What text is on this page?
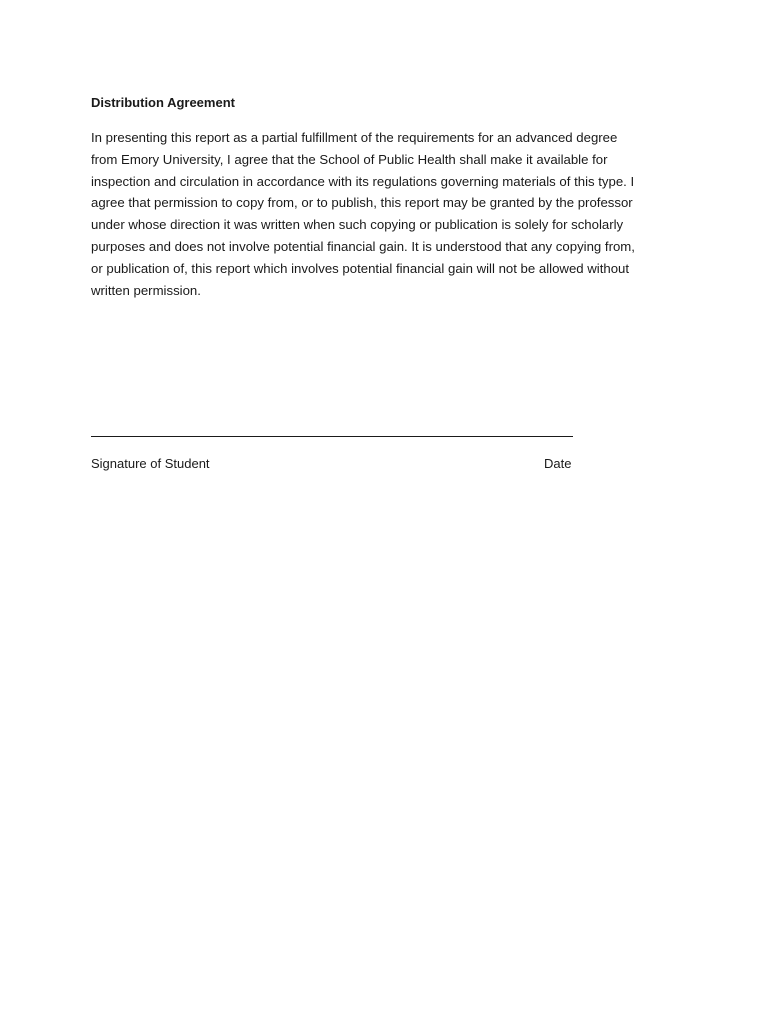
Distribution Agreement
In presenting this report as a partial fulfillment of the requirements for an advanced degree
from Emory University, I agree that the School of Public Health shall make it available for
inspection and circulation in accordance with its regulations governing materials of this type. I
agree that permission to copy from, or to publish, this report may be granted by the professor
under whose direction it was written when such copying or publication is solely for scholarly
purposes and does not involve potential financial gain. It is understood that any copying from,
or publication of, this report which involves potential financial gain will not be allowed without
written permission.
Signature of Student	Date
